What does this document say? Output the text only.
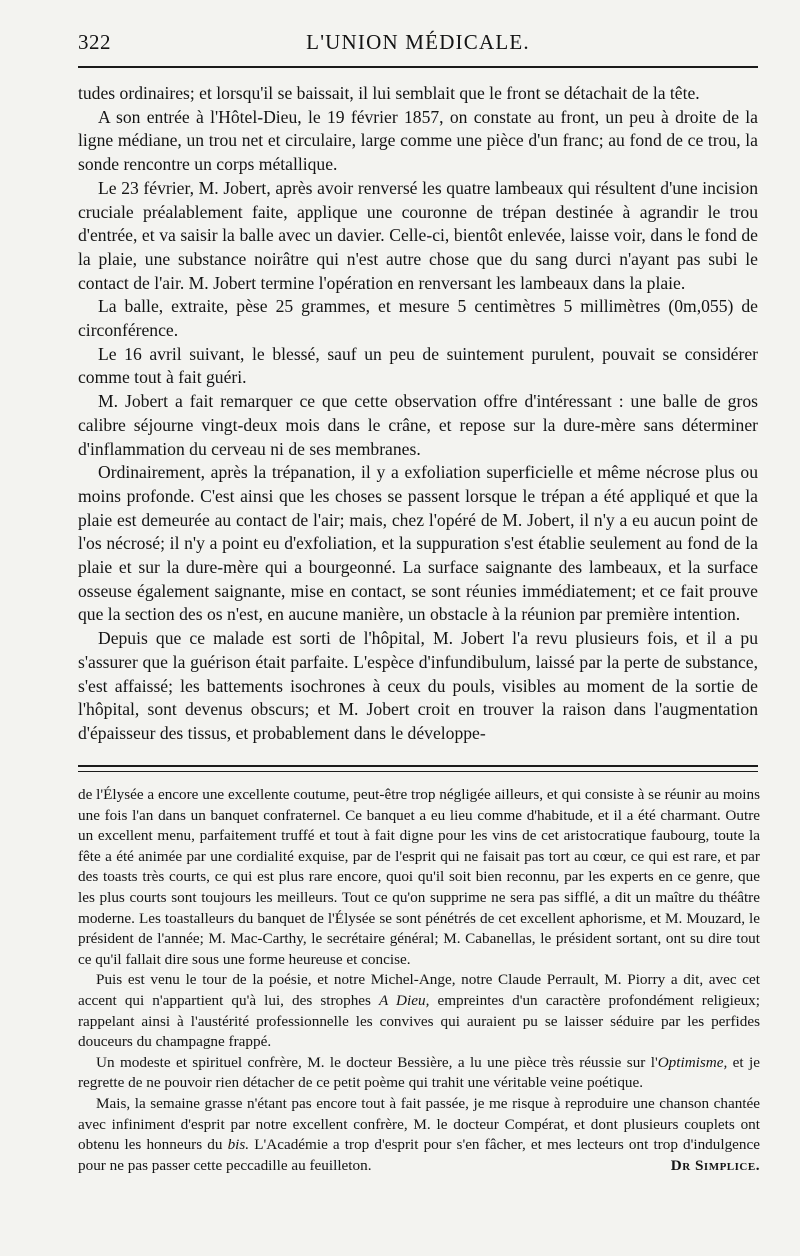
322	L'UNION MÉDICALE.

tudes ordinaires; et lorsqu'il se baissait, il lui semblait que le front se détachait de la tête.

A son entrée à l'Hôtel-Dieu, le 19 février 1857, on constate au front, un peu à droite de la ligne médiane, un trou net et circulaire, large comme une pièce d'un franc; au fond de ce trou, la sonde rencontre un corps métallique.

Le 23 février, M. Jobert, après avoir renversé les quatre lambeaux qui résultent d'une incision cruciale préalablement faite, applique une couronne de trépan destinée à agrandir le trou d'entrée, et va saisir la balle avec un davier. Celle-ci, bientôt enlevée, laisse voir, dans le fond de la plaie, une substance noirâtre qui n'est autre chose que du sang durci n'ayant pas subi le contact de l'air. M. Jobert termine l'opération en renversant les lambeaux dans la plaie.

La balle, extraite, pèse 25 grammes, et mesure 5 centimètres 5 millimètres (0m,055) de circonférence.

Le 16 avril suivant, le blessé, sauf un peu de suintement purulent, pouvait se considérer comme tout à fait guéri.

M. Jobert a fait remarquer ce que cette observation offre d'intéressant : une balle de gros calibre séjourne vingt-deux mois dans le crâne, et repose sur la dure-mère sans déterminer d'inflammation du cerveau ni de ses membranes.

Ordinairement, après la trépanation, il y a exfoliation superficielle et même nécrose plus ou moins profonde. C'est ainsi que les choses se passent lorsque le trépan a été appliqué et que la plaie est demeurée au contact de l'air; mais, chez l'opéré de M. Jobert, il n'y a eu aucun point de l'os nécrosé; il n'y a point eu d'exfoliation, et la suppuration s'est établie seulement au fond de la plaie et sur la dure-mère qui a bourgeonné. La surface saignante des lambeaux, et la surface osseuse également saignante, mise en contact, se sont réunies immédiatement; et ce fait prouve que la section des os n'est, en aucune manière, un obstacle à la réunion par première intention.

Depuis que ce malade est sorti de l'hôpital, M. Jobert l'a revu plusieurs fois, et il a pu s'assurer que la guérison était parfaite. L'espèce d'infundibulum, laissé par la perte de substance, s'est affaissé; les battements isochrones à ceux du pouls, visibles au moment de la sortie de l'hôpital, sont devenus obscurs; et M. Jobert croit en trouver la raison dans l'augmentation d'épaisseur des tissus, et probablement dans le développe-

de l'Élysée a encore une excellente coutume, peut-être trop négligée ailleurs, et qui consiste à se réunir au moins une fois l'an dans un banquet confraternel. Ce banquet a eu lieu comme d'habitude, et il a été charmant. Outre un excellent menu, parfaitement truffé et tout à fait digne pour les vins de cet aristocratique faubourg, toute la fête a été animée par une cordialité exquise, par de l'esprit qui ne faisait pas tort au cœur, ce qui est rare, et par des toasts très courts, ce qui est plus rare encore, quoi qu'il soit bien reconnu, par les experts en ce genre, que les plus courts sont toujours les meilleurs. Tout ce qu'on supprime ne sera pas sifflé, a dit un maître du théâtre moderne. Les toastalleurs du banquet de l'Élysée se sont pénétrés de cet excellent aphorisme, et M. Mouzard, le président de l'année; M. Mac-Carthy, le secrétaire général; M. Cabanellas, le président sortant, ont su dire tout ce qu'il fallait dire sous une forme heureuse et concise.

Puis est venu le tour de la poésie, et notre Michel-Ange, notre Claude Perrault, M. Piorry a dit, avec cet accent qui n'appartient qu'à lui, des strophes A Dieu, empreintes d'un caractère profondément religieux; rappelant ainsi à l'austérité professionnelle les convives qui auraient pu se laisser séduire par les perfides douceurs du champagne frappé.

Un modeste et spirituel confrère, M. le docteur Bessière, a lu une pièce très réussie sur l'Optimisme, et je regrette de ne pouvoir rien détacher de ce petit poème qui trahit une véritable veine poétique.

Mais, la semaine grasse n'étant pas encore tout à fait passée, je me risque à reproduire une chanson chantée avec infiniment d'esprit par notre excellent confrère, M. le docteur Compérat, et dont plusieurs couplets ont obtenu les honneurs du bis. L'Académie a trop d'esprit pour s'en fâcher, et mes lecteurs ont trop d'indulgence pour ne pas passer cette peccadille au feuilleton.	Dr Simplice.
